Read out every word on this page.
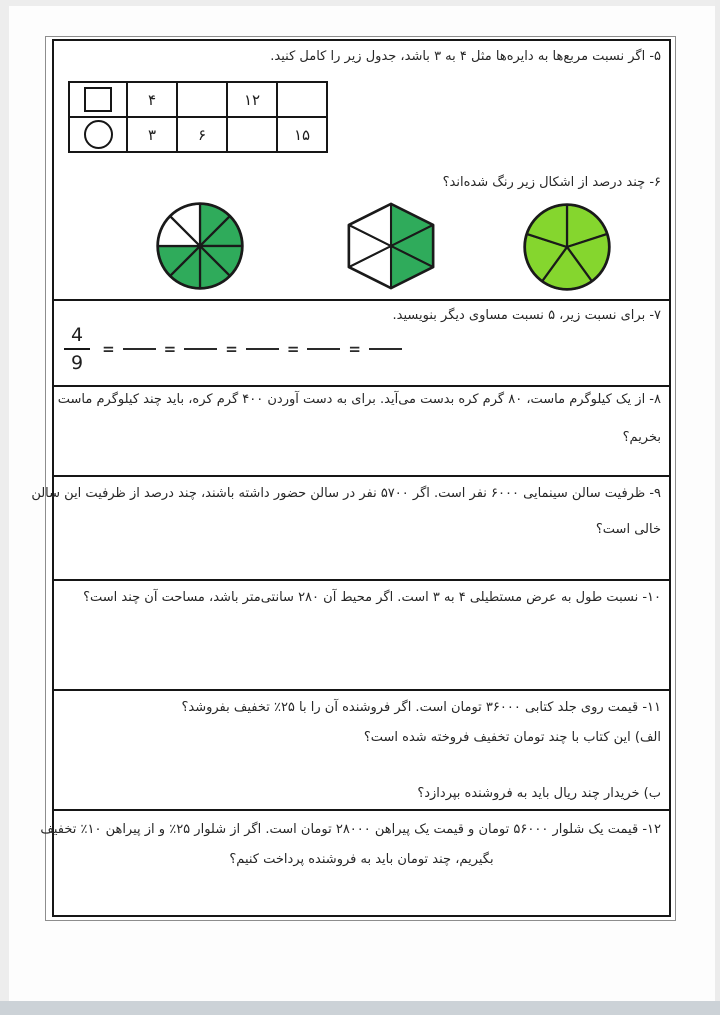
۵- اگر نسبت مربع‌ها به دایره‌ها مثل ۴ به ۳ باشد، جدول زیر را کامل کنید.
	۴		۱۲	

	۳	۶		۱۵
۶- چند درصد از اشکال زیر رنگ شده‌اند؟
۷- برای نسبت زیر، ۵ نسبت مساوی دیگر بنویسید.
$\frac{4}{9}$ =	=	=	=	=
۸- از یک کیلوگرم ماست، ۸۰ گرم کره بدست می‌آید. برای به دست آوردن ۴۰۰ گرم کره، باید چند کیلوگرم ماست
بخریم؟
۹- ظرفیت سالن سینمایی ۶۰۰۰ نفر است. اگر ۵۷۰۰ نفر در سالن حضور داشته باشند، چند درصد از ظرفیت این سالن
خالی است؟
۱۰- نسبت طول به عرض مستطیلی ۴ به ۳ است. اگر محیط آن ۲۸۰ سانتی‌متر باشد، مساحت آن چند است؟
۱۱- قیمت روی جلد کتابی ۳۶۰۰۰ تومان است. اگر فروشنده آن را با ۲۵٪ تخفیف بفروشد؟
الف) این کتاب با چند تومان تخفیف فروخته شده است؟
ب) خریدار چند ریال باید به فروشنده بپردازد؟
۱۲- قیمت یک شلوار ۵۶۰۰۰ تومان و قیمت یک پیراهن ۲۸۰۰۰ تومان است. اگر از شلوار ۲۵٪ و از پیراهن ۱۰٪ تخفیف
بگیریم، چند تومان باید به فروشنده پرداخت کنیم؟
